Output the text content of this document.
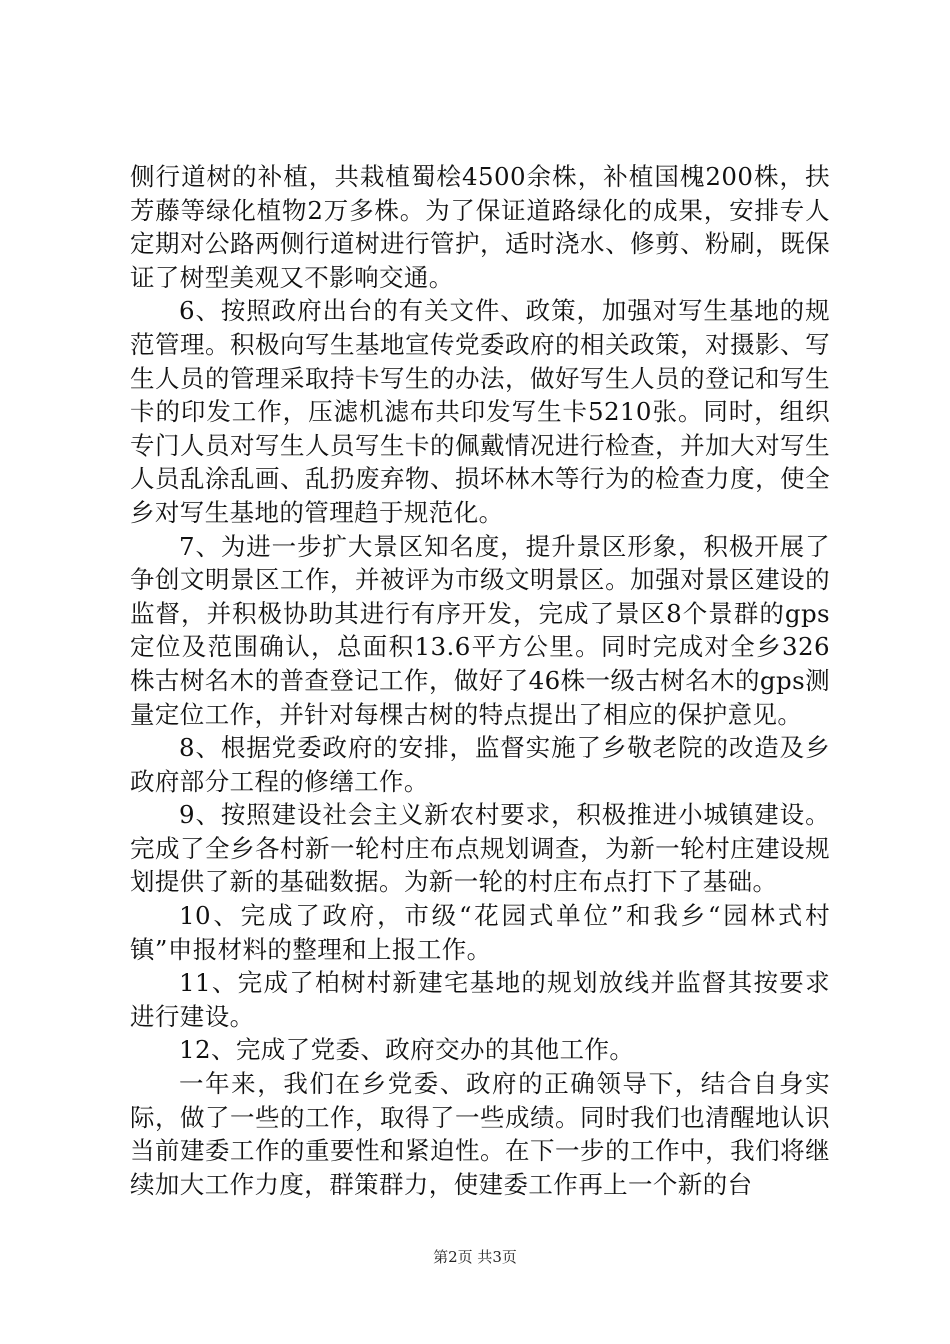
侧行道树的补植，共栽植蜀桧4500余株，补植国槐200株，扶芳藤等绿化植物2万多株。为了保证道路绿化的成果，安排专人定期对公路两侧行道树进行管护，适时浇水、修剪、粉刷，既保证了树型美观又不影响交通。

6、按照政府出台的有关文件、政策，加强对写生基地的规范管理。积极向写生基地宣传党委政府的相关政策，对摄影、写生人员的管理采取持卡写生的办法，做好写生人员的登记和写生卡的印发工作，压滤机滤布共印发写生卡5210张。同时，组织专门人员对写生人员写生卡的佩戴情况进行检查，并加大对写生人员乱涂乱画、乱扔废弃物、损坏林木等行为的检查力度，使全乡对写生基地的管理趋于规范化。

7、为进一步扩大景区知名度，提升景区形象，积极开展了争创文明景区工作，并被评为市级文明景区。加强对景区建设的监督，并积极协助其进行有序开发，完成了景区8个景群的gps定位及范围确认，总面积13.6平方公里。同时完成对全乡326株古树名木的普查登记工作，做好了46株一级古树名木的gps测量定位工作，并针对每棵古树的特点提出了相应的保护意见。

8、根据党委政府的安排，监督实施了乡敬老院的改造及乡政府部分工程的修缮工作。

9、按照建设社会主义新农村要求，积极推进小城镇建设。完成了全乡各村新一轮村庄布点规划调查，为新一轮村庄建设规划提供了新的基础数据。为新一轮的村庄布点打下了基础。

10、完成了政府，市级“花园式单位”和我乡“园林式村镇”申报材料的整理和上报工作。

11、完成了柏树村新建宅基地的规划放线并监督其按要求进行建设。

12、完成了党委、政府交办的其他工作。

一年来，我们在乡党委、政府的正确领导下，结合自身实际，做了一些的工作，取得了一些成绩。同时我们也清醒地认识当前建委工作的重要性和紧迫性。在下一步的工作中，我们将继续加大工作力度，群策群力，使建委工作再上一个新的台

第2页 共3页
